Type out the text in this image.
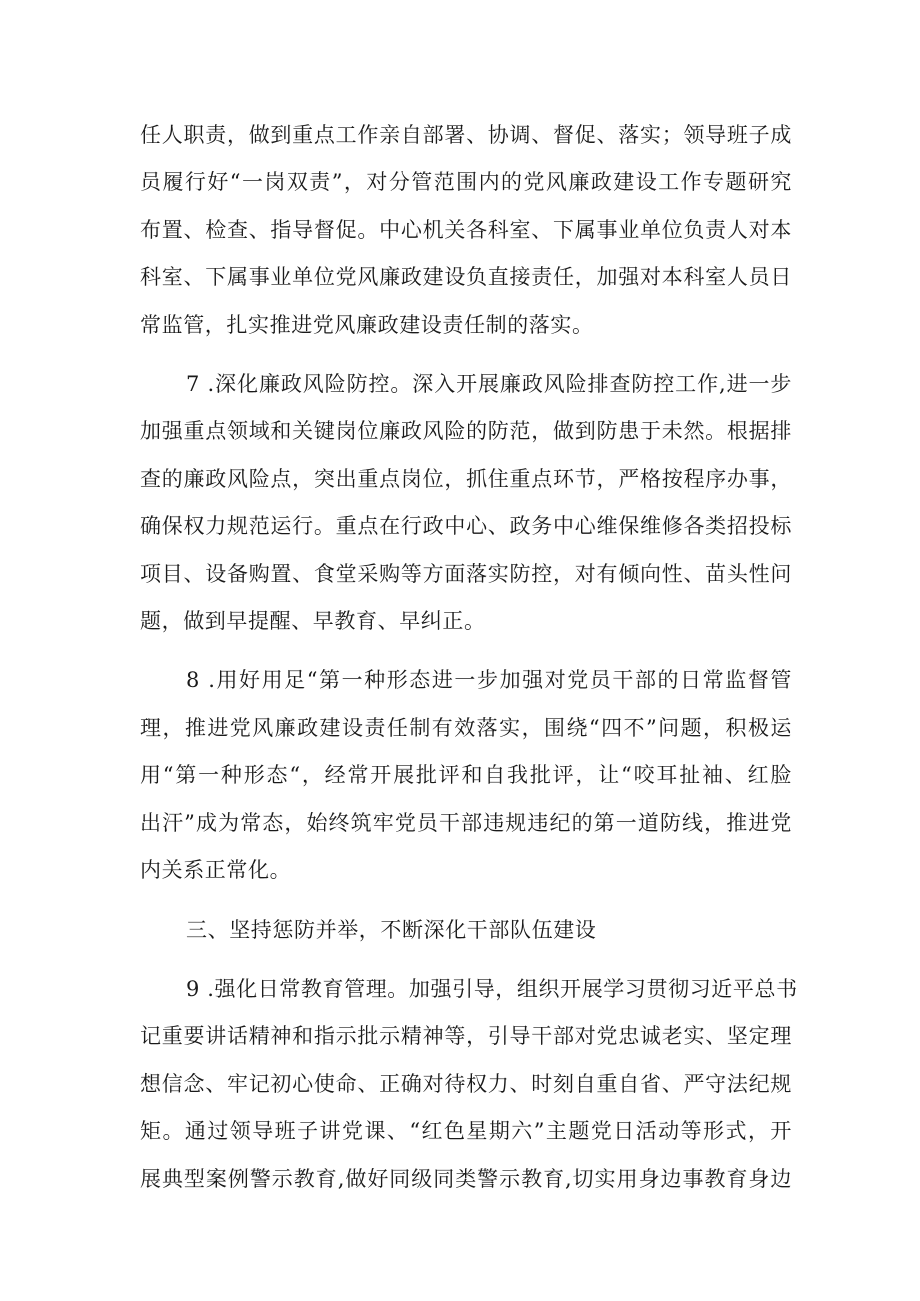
任人职责，做到重点工作亲自部署、协调、督促、落实；领导班子成
员履行好“一岗双责”，对分管范围内的党风廉政建设工作专题研究
布置、检查、指导督促。中心机关各科室、下属事业单位负责人对本
科室、下属事业单位党风廉政建设负直接责任，加强对本科室人员日
常监管，扎实推进党风廉政建设责任制的落实。

7 .深化廉政风险防控。深入开展廉政风险排查防控工作,进一步
加强重点领域和关键岗位廉政风险的防范，做到防患于未然。根据排
查的廉政风险点，突出重点岗位，抓住重点环节，严格按程序办事，
确保权力规范运行。重点在行政中心、政务中心维保维修各类招投标
项目、设备购置、食堂采购等方面落实防控，对有倾向性、苗头性问
题，做到早提醒、早教育、早纠正。

8 .用好用足“第一种形态进一步加强对党员干部的日常监督管
理，推进党风廉政建设责任制有效落实，围绕“四不”问题，积极运
用“第一种形态“，经常开展批评和自我批评，让“咬耳扯袖、红脸
出汗”成为常态，始终筑牢党员干部违规违纪的第一道防线，推进党
内关系正常化。

三、坚持惩防并举，不断深化干部队伍建设

9 .强化日常教育管理。加强引导，组织开展学习贯彻习近平总书
记重要讲话精神和指示批示精神等，引导干部对党忠诚老实、坚定理
想信念、牢记初心使命、正确对待权力、时刻自重自省、严守法纪规
矩。通过领导班子讲党课、“红色星期六”主题党日活动等形式，开
展典型案例警示教育,做好同级同类警示教育,切实用身边事教育身边
